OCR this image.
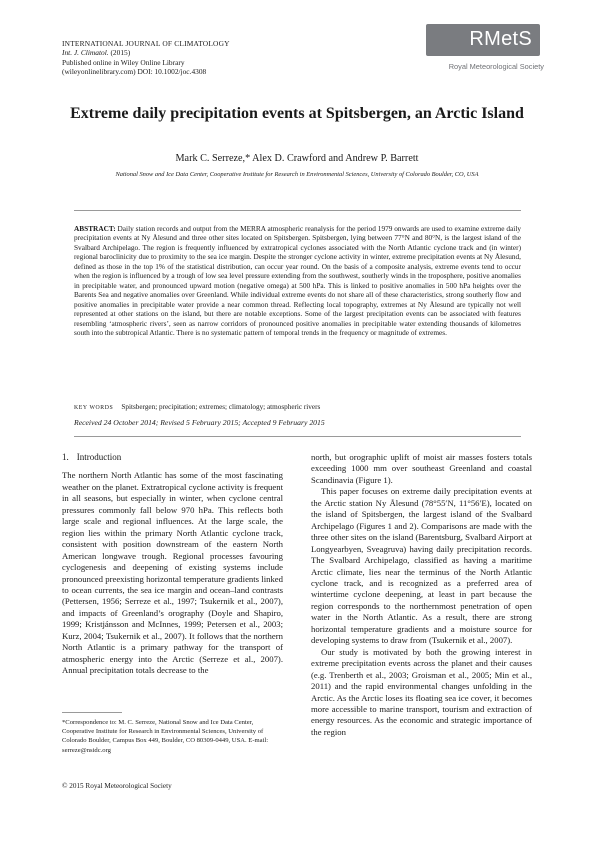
INTERNATIONAL JOURNAL OF CLIMATOLOGY
Int. J. Climatol. (2015)
Published online in Wiley Online Library
(wileyonlinelibrary.com) DOI: 10.1002/joc.4308
RMetS
Royal Meteorological Society
Extreme daily precipitation events at Spitsbergen, an Arctic Island
Mark C. Serreze,* Alex D. Crawford and Andrew P. Barrett
National Snow and Ice Data Center, Cooperative Institute for Research in Environmental Sciences, University of Colorado Boulder, CO, USA
ABSTRACT: Daily station records and output from the MERRA atmospheric reanalysis for the period 1979 onwards are used to examine extreme daily precipitation events at Ny Ålesund and three other sites located on Spitsbergen. Spitsbergen, lying between 77°N and 80°N, is the largest island of the Svalbard Archipelago. The region is frequently influenced by extratropical cyclones associated with the North Atlantic cyclone track and (in winter) regional baroclinicity due to proximity to the sea ice margin. Despite the stronger cyclone activity in winter, extreme precipitation events at Ny Ålesund, defined as those in the top 1% of the statistical distribution, can occur year round. On the basis of a composite analysis, extreme events tend to occur when the region is influenced by a trough of low sea level pressure extending from the southwest, southerly winds in the troposphere, positive anomalies in precipitable water, and pronounced upward motion (negative omega) at 500 hPa. This is linked to positive anomalies in 500 hPa heights over the Barents Sea and negative anomalies over Greenland. While individual extreme events do not share all of these characteristics, strong southerly flow and positive anomalies in precipitable water provide a near common thread. Reflecting local topography, extremes at Ny Ålesund are typically not well represented at other stations on the island, but there are notable exceptions. Some of the largest precipitation events can be associated with features resembling ‘atmospheric rivers’, seen as narrow corridors of pronounced positive anomalies in precipitable water extending thousands of kilometres south into the subtropical Atlantic. There is no systematic pattern of temporal trends in the frequency or magnitude of extremes.
KEY WORDS Spitsbergen; precipitation; extremes; climatology; atmospheric rivers
Received 24 October 2014; Revised 5 February 2015; Accepted 9 February 2015
1. Introduction

The northern North Atlantic has some of the most fascinating weather on the planet. Extratropical cyclone activity is frequent in all seasons, but especially in winter, when cyclone central pressures commonly fall below 970 hPa. This reflects both large scale and regional influences. At the large scale, the region lies within the primary North Atlantic cyclone track, consistent with position downstream of the eastern North American longwave trough. Regional processes favouring cyclogenesis and deepening of existing systems include pronounced preexisting horizontal temperature gradients linked to ocean currents, the sea ice margin and ocean–land contrasts (Pettersen, 1956; Serreze et al., 1997; Tsukernik et al., 2007), and impacts of Greenland’s orography (Doyle and Shapiro, 1999; Kristjánsson and McInnes, 1999; Petersen et al., 2003; Kurz, 2004; Tsukernik et al., 2007). It follows that the northern North Atlantic is a primary pathway for the transport of atmospheric energy into the Arctic (Serreze et al., 2007). Annual precipitation totals decrease to the

north, but orographic uplift of moist air masses fosters totals exceeding 1000 mm over southeast Greenland and coastal Scandinavia (Figure 1).

This paper focuses on extreme daily precipitation events at the Arctic station Ny Ålesund (78°55′N, 11°56′E), located on the island of Spitsbergen, the largest island of the Svalbard Archipelago (Figures 1 and 2). Comparisons are made with the three other sites on the island (Barentsburg, Svalbard Airport at Longyearbyen, Sveagruva) having daily precipitation records. The Svalbard Archipelago, classified as having a maritime Arctic climate, lies near the terminus of the North Atlantic cyclone track, and is recognized as a preferred area of wintertime cyclone deepening, at least in part because the region corresponds to the northernmost penetration of open water in the North Atlantic. As a result, there are strong horizontal temperature gradients and a moisture source for developing systems to draw from (Tsukernik et al., 2007).

Our study is motivated by both the growing interest in extreme precipitation events across the planet and their causes (e.g. Trenberth et al., 2003; Groisman et al., 2005; Min et al., 2011) and the rapid environmental changes unfolding in the Arctic. As the Arctic loses its floating sea ice cover, it becomes more accessible to marine transport, tourism and extraction of energy resources. As the economic and strategic importance of the region

*Correspondence to: M. C. Serreze, National Snow and Ice Data Center, Cooperative Institute for Research in Environmental Sciences, University of Colorado Boulder, Campus Box 449, Boulder, CO 80309-0449, USA. E-mail: serreze@nsidc.org
© 2015 Royal Meteorological Society
